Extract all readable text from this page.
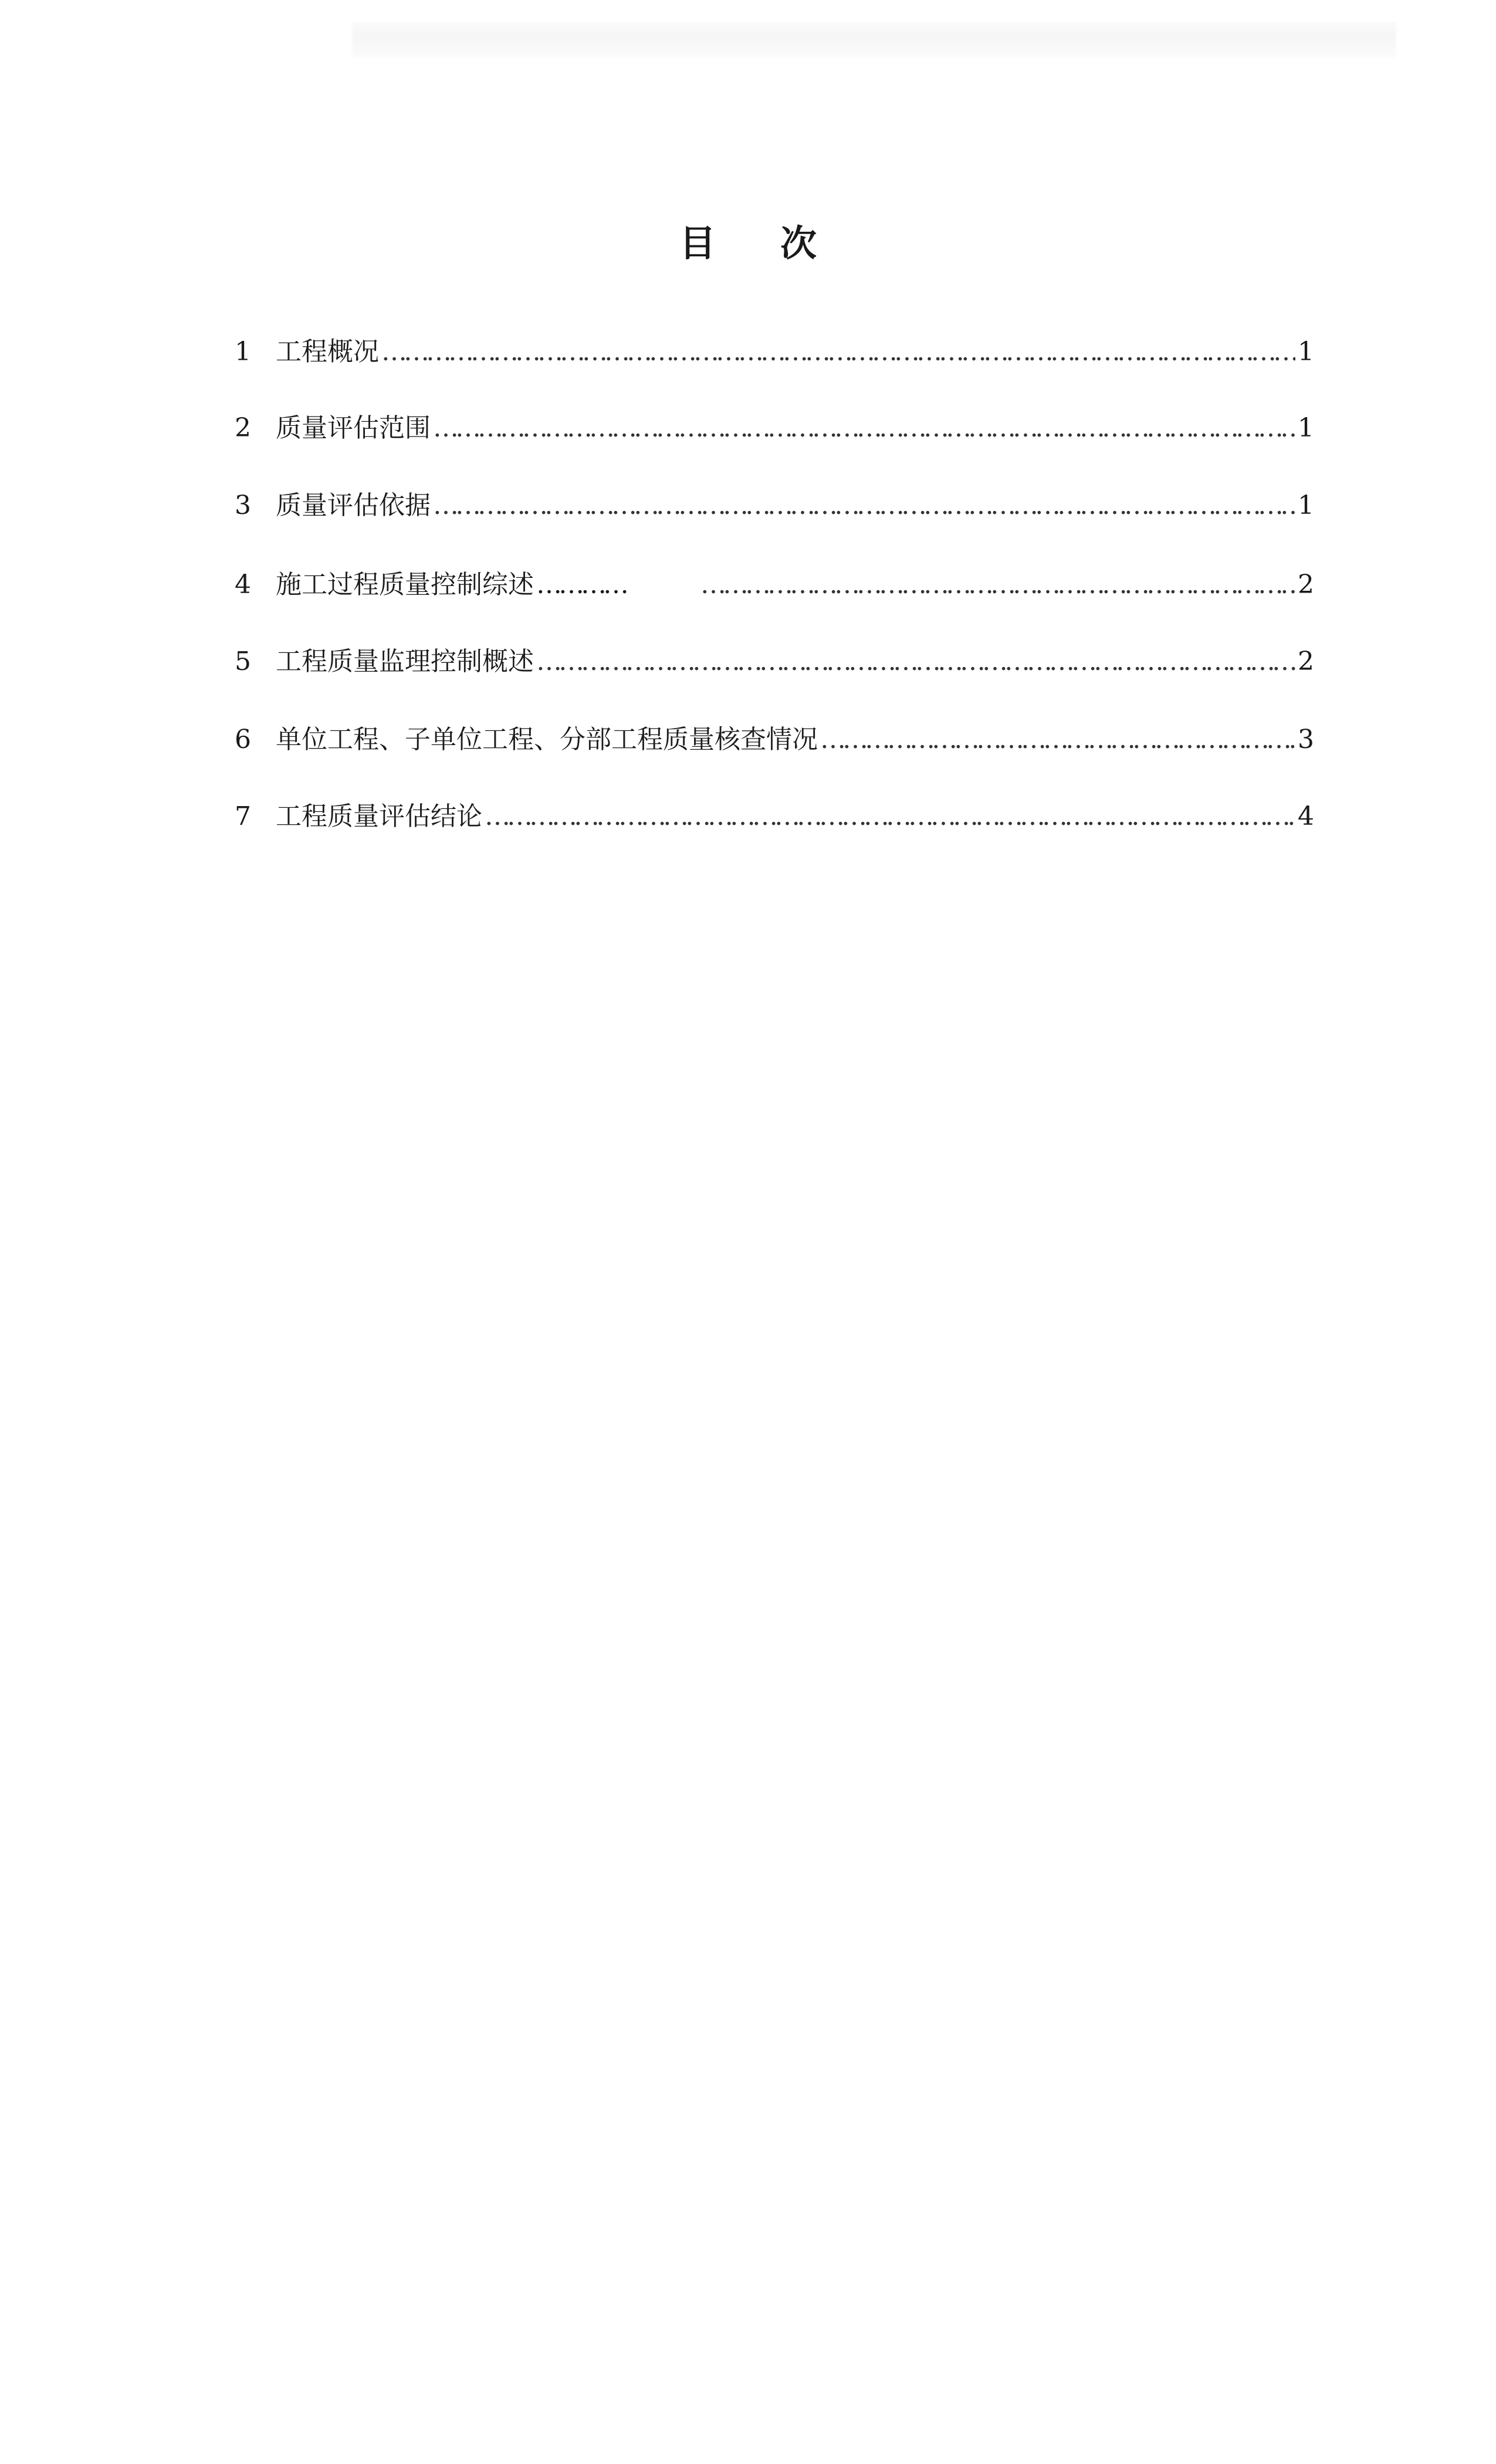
目 次
1 工程概况 ………………………………………………………………………………………………………………………………………………………………………………………………………………	1
2 质量评估范围 ………………………………………………………………………………………………………………………………………………………………………………………………………………	1
3 质量评估依据 ………………………………………………………………………………………………………………………………………………………………………………………………………………	1
4 施工过程质量控制综述 ………… ………………………………………………………………………………………………………………………………………………………………………………………………………………	2
5 工程质量监理控制概述 ………………………………………………………………………………………………………………………………………………………………………………………………………………	2
6 单位工程、子单位工程、分部工程质量核查情况 ………………………………………………………………………………………………………………………………………………………………………………………………………………	3
7 工程质量评估结论 ………………………………………………………………………………………………………………………………………………………………………………………………………………	4
